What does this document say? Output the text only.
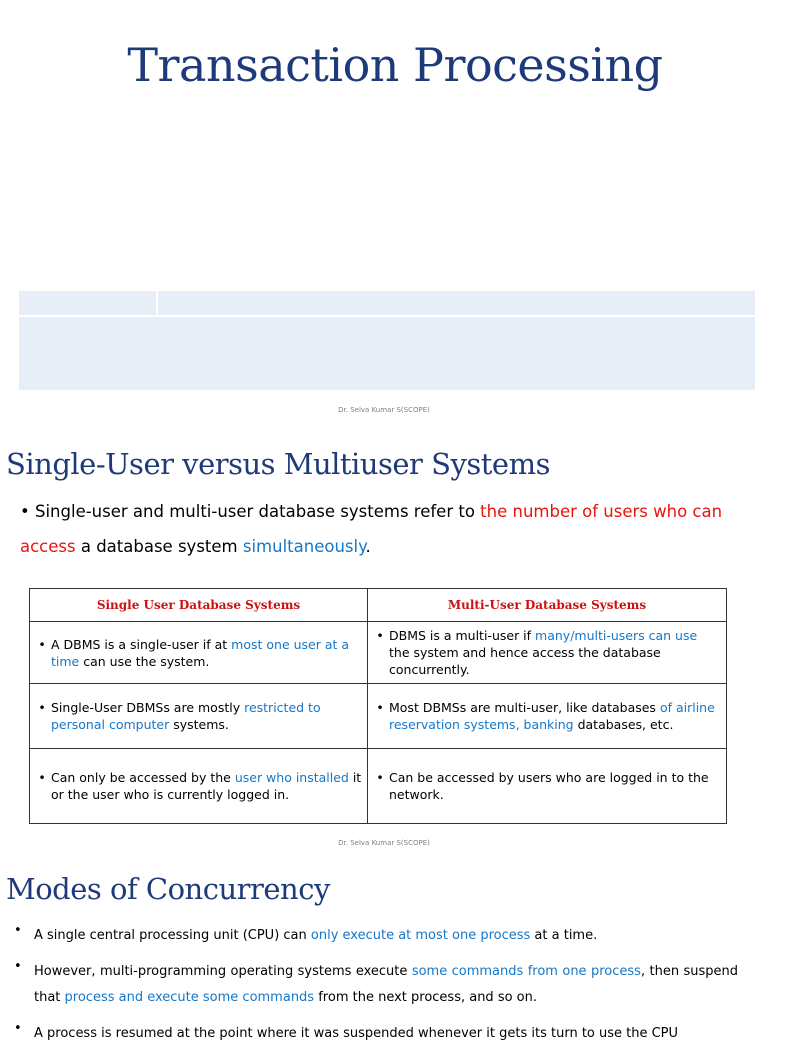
Transaction Processing
Dr. Selva Kumar S(SCOPE)
Single-User versus Multiuser Systems
• Single-user and multi-user database systems refer to the number of users who can access a database system simultaneously.
Single User Database Systems	Multi-User Database Systems

• A DBMS is a single-user if at most one user at a time can use the system.	• DBMS is a multi-user if many/multi-users can use the system and hence access the database concurrently.

• Single-User DBMSs are mostly restricted to personal computer systems.	• Most DBMSs are multi-user, like databases of airline reservation systems, banking databases, etc.

• Can only be accessed by the user who installed it or the user who is currently logged in.	• Can be accessed by users who are logged in to the network.
Dr. Selva Kumar S(SCOPE)
Modes of Concurrency
• A single central processing unit (CPU) can only execute at most one process at a time.
• However, multi-programming operating systems execute some commands from one process, then suspend that process and execute some commands from the next process, and so on.
• A process is resumed at the point where it was suspended whenever it gets its turn to use the CPU
